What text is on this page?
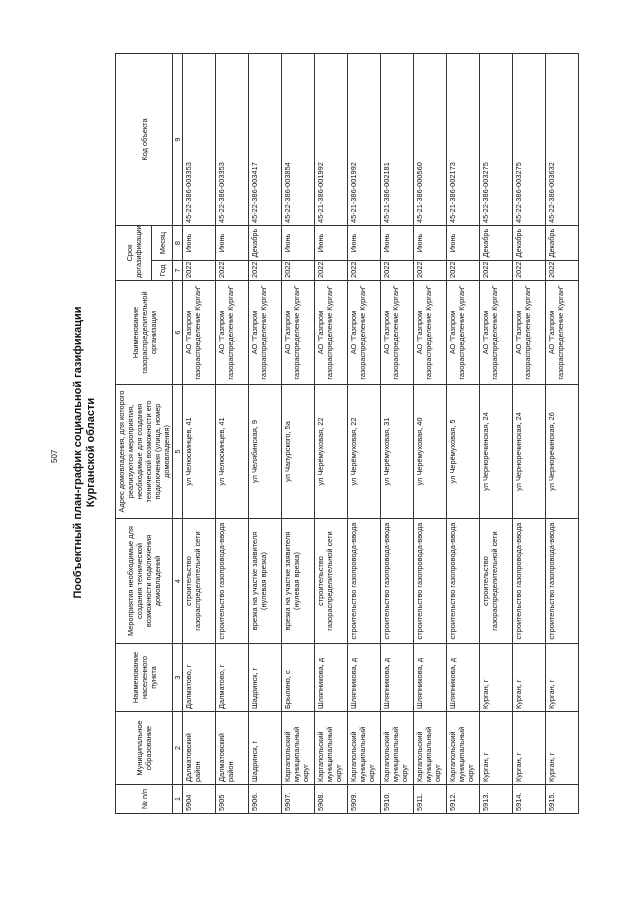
507 Пообъектный план-график социальной газификации Курганской области
№ п/п	Муниципальное образование	Наименование населенного пункта	Мероприятия необходимые для создания технической возможности подключения домовладений	Адрес домовладения, для которого реализуются мероприятия, необходимые для создания технической возможности его подключения (улица, номер домовладения)	Наименование газораспределительной организации	Срок догазификации		Код объекта
						Год	Месяц	
1	2	3	4	5	6	7	8	9
5904	Далматовский район	Далматово, г	строительство газораспределительной сети	ул Челюскинцев, 41	АО "Газпром газораспределение Курган"	2022	Июнь	45-22-386-003353
5905	Далматовский район	Далматово, г	строительство газопровода-ввода	ул Челюскинцев, 41	АО "Газпром газораспределение Курган"	2022	Июнь	45-22-386-003353
5906.	Шадринск, г	Шадринск, г	врезка на участке заявителя (нулевая врезка)	ул Челябинская, 9	АО "Газпром газораспределение Курган"	2022	Декабрь	45-22-386-003417
5907.	Каргапольский муниципальный округ	Брылино, с	врезка на участке заявителя (нулевая врезка)	ул Чапурского, 5а	АО "Газпром газораспределение Курган"	2022	Июнь	45-22-386-003854
5908.	Каргапольский муниципальный округ	Шляпникова, д	строительство газораспределительной сети	ул Черёмуховая, 22	АО "Газпром газораспределение Курган"	2022	Июнь	45-21-386-001992
5909.	Каргапольский муниципальный округ	Шляпникова, д	строительство газопровода-ввода	ул Черёмуховая, 22	АО "Газпром газораспределение Курган"	2022	Июнь	45-21-386-001992
5910.	Каргапольский муниципальный округ	Шляпникова, д	строительство газопровода-ввода	ул Черёмуховая, 31	АО "Газпром газораспределение Курган"	2022	Июнь	45-21-386-002181
5911.	Каргапольский муниципальный округ	Шляпникова, д	строительство газопровода-ввода	ул Черёмуховая, 40	АО "Газпром газораспределение Курган"	2022	Июнь	45-21-386-000560
5912.	Каргапольский муниципальный округ	Шляпникова, д	строительство газопровода-ввода	ул Черёмуховая, 5	АО "Газпром газораспределение Курган"	2022	Июнь	45-21-386-002173
5913.	Курган, г	Курган, г	строительство газораспределительной сети	ул Черноречинская, 24	АО "Газпром газораспределение Курган"	2022	Декабрь	45-22-386-003275
5914.	Курган, г	Курган, г	строительство газопровода-ввода	ул Черноречинская, 24	АО "Газпром газораспределение Курган"	2022	Декабрь	45-22-386-003275
5915.	Курган, г	Курган, г	строительство газопровода-ввода	ул Черноречинская, 26	АО "Газпром газораспределение Курган"	2022	Декабрь	45-22-386-003632
